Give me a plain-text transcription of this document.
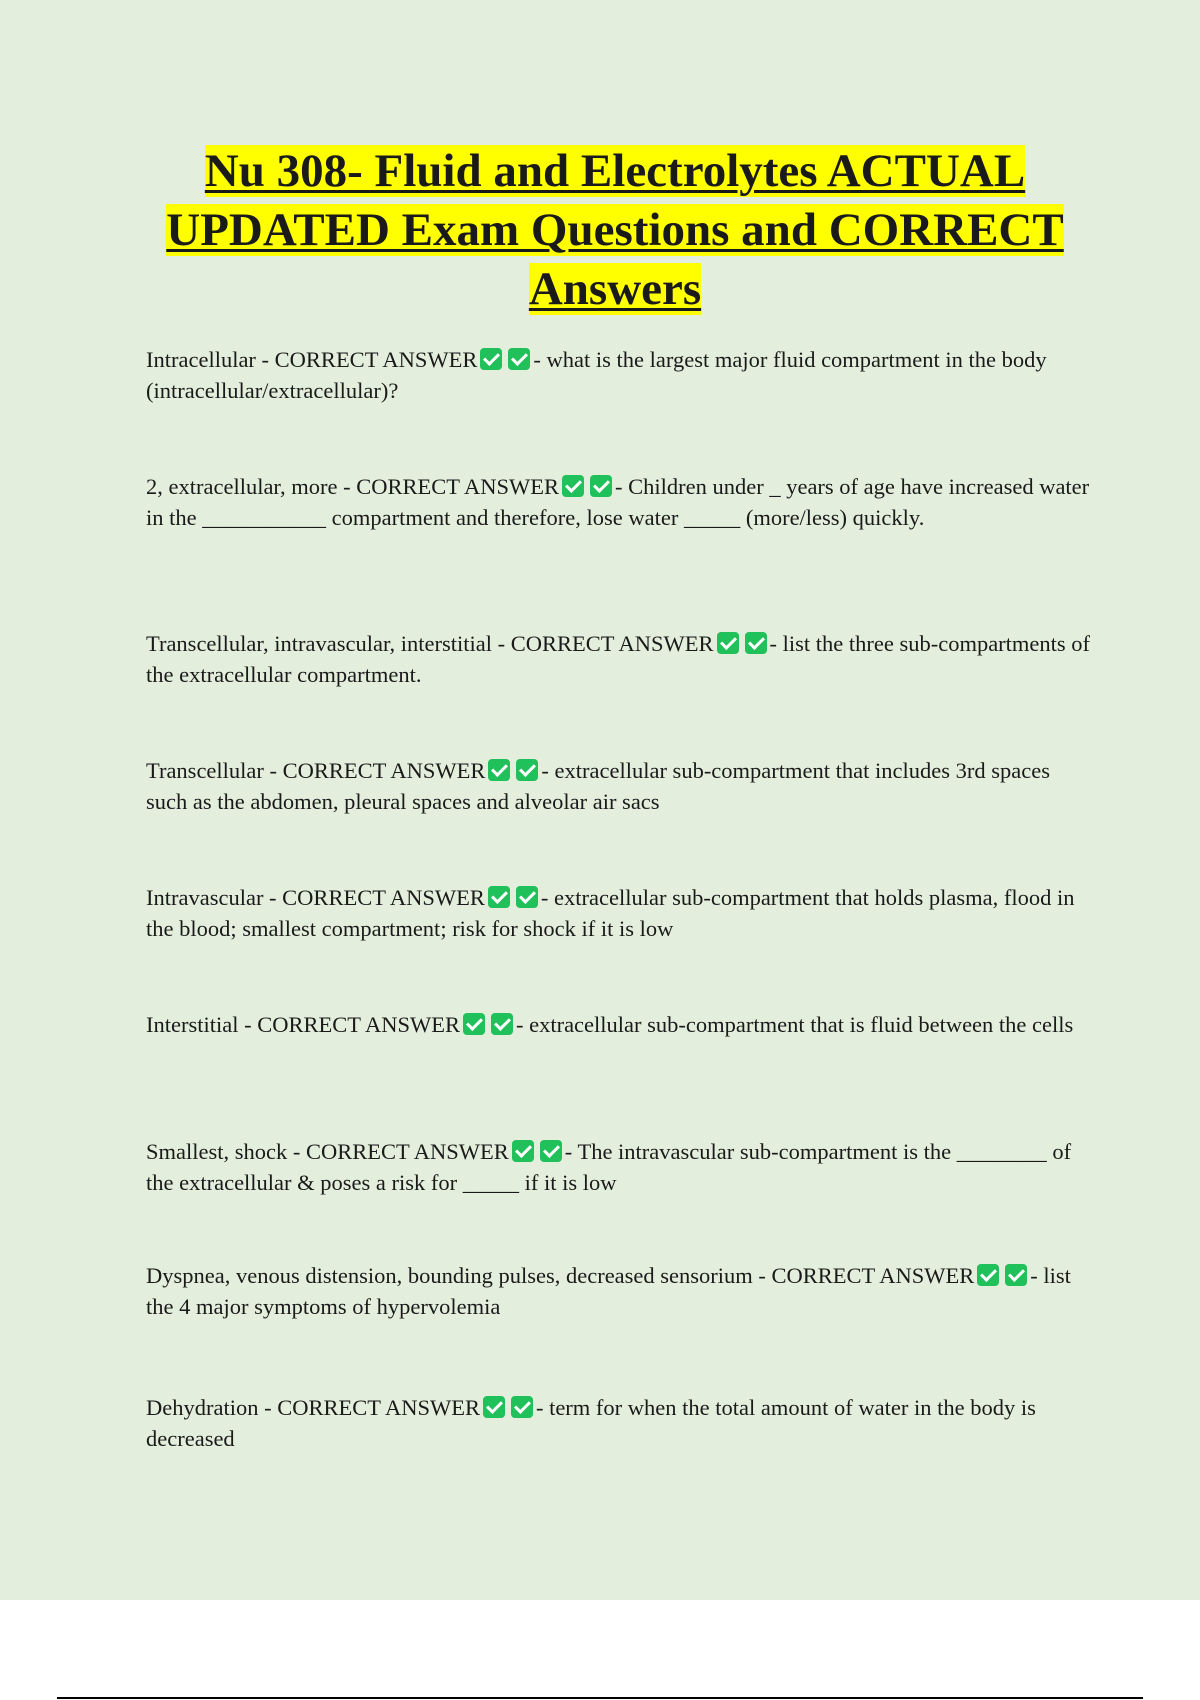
Nu 308- Fluid and Electrolytes ACTUAL
UPDATED Exam Questions and CORRECT
Answers

Intracellular - CORRECT ANSWER - what is the largest major fluid compartment in the body (intracellular/extracellular)?

2, extracellular, more - CORRECT ANSWER - Children under _ years of age have increased water in the ___________ compartment and therefore, lose water _____ (more/less) quickly.

Transcellular, intravascular, interstitial - CORRECT ANSWER - list the three sub-compartments of the extracellular compartment.

Transcellular - CORRECT ANSWER - extracellular sub-compartment that includes 3rd spaces such as the abdomen, pleural spaces and alveolar air sacs

Intravascular - CORRECT ANSWER - extracellular sub-compartment that holds plasma, flood in the blood; smallest compartment; risk for shock if it is low

Interstitial - CORRECT ANSWER - extracellular sub-compartment that is fluid between the cells

Smallest, shock - CORRECT ANSWER - The intravascular sub-compartment is the ________ of the extracellular & poses a risk for _____ if it is low

Dyspnea, venous distension, bounding pulses, decreased sensorium - CORRECT ANSWER - list the 4 major symptoms of hypervolemia

Dehydration - CORRECT ANSWER - term for when the total amount of water in the body is decreased
